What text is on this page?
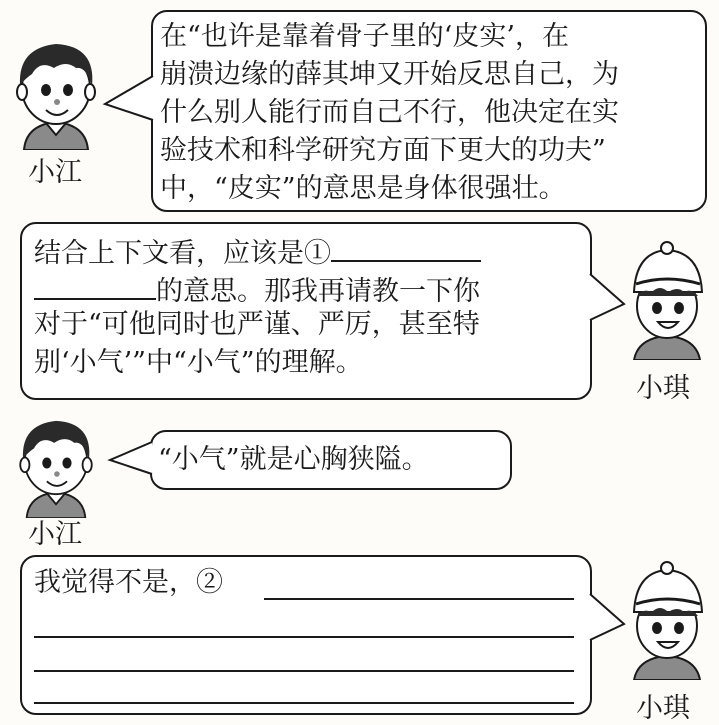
小江
在“也许是靠着骨子里的‘皮实’，在
崩溃边缘的薛其坤又开始反思自己，为
什么别人能行而自己不行，他决定在实
验技术和科学研究方面下更大的功夫”
中，“皮实”的意思是身体很强壮。
结合上下文看，应该是①
的意思。那我再请教一下你
对于“可他同时也严谨、严厉，甚至特
别‘小气’”中“小气”的理解。
小琪
小江
“小气”就是心胸狭隘。
我觉得不是，②
小琪
